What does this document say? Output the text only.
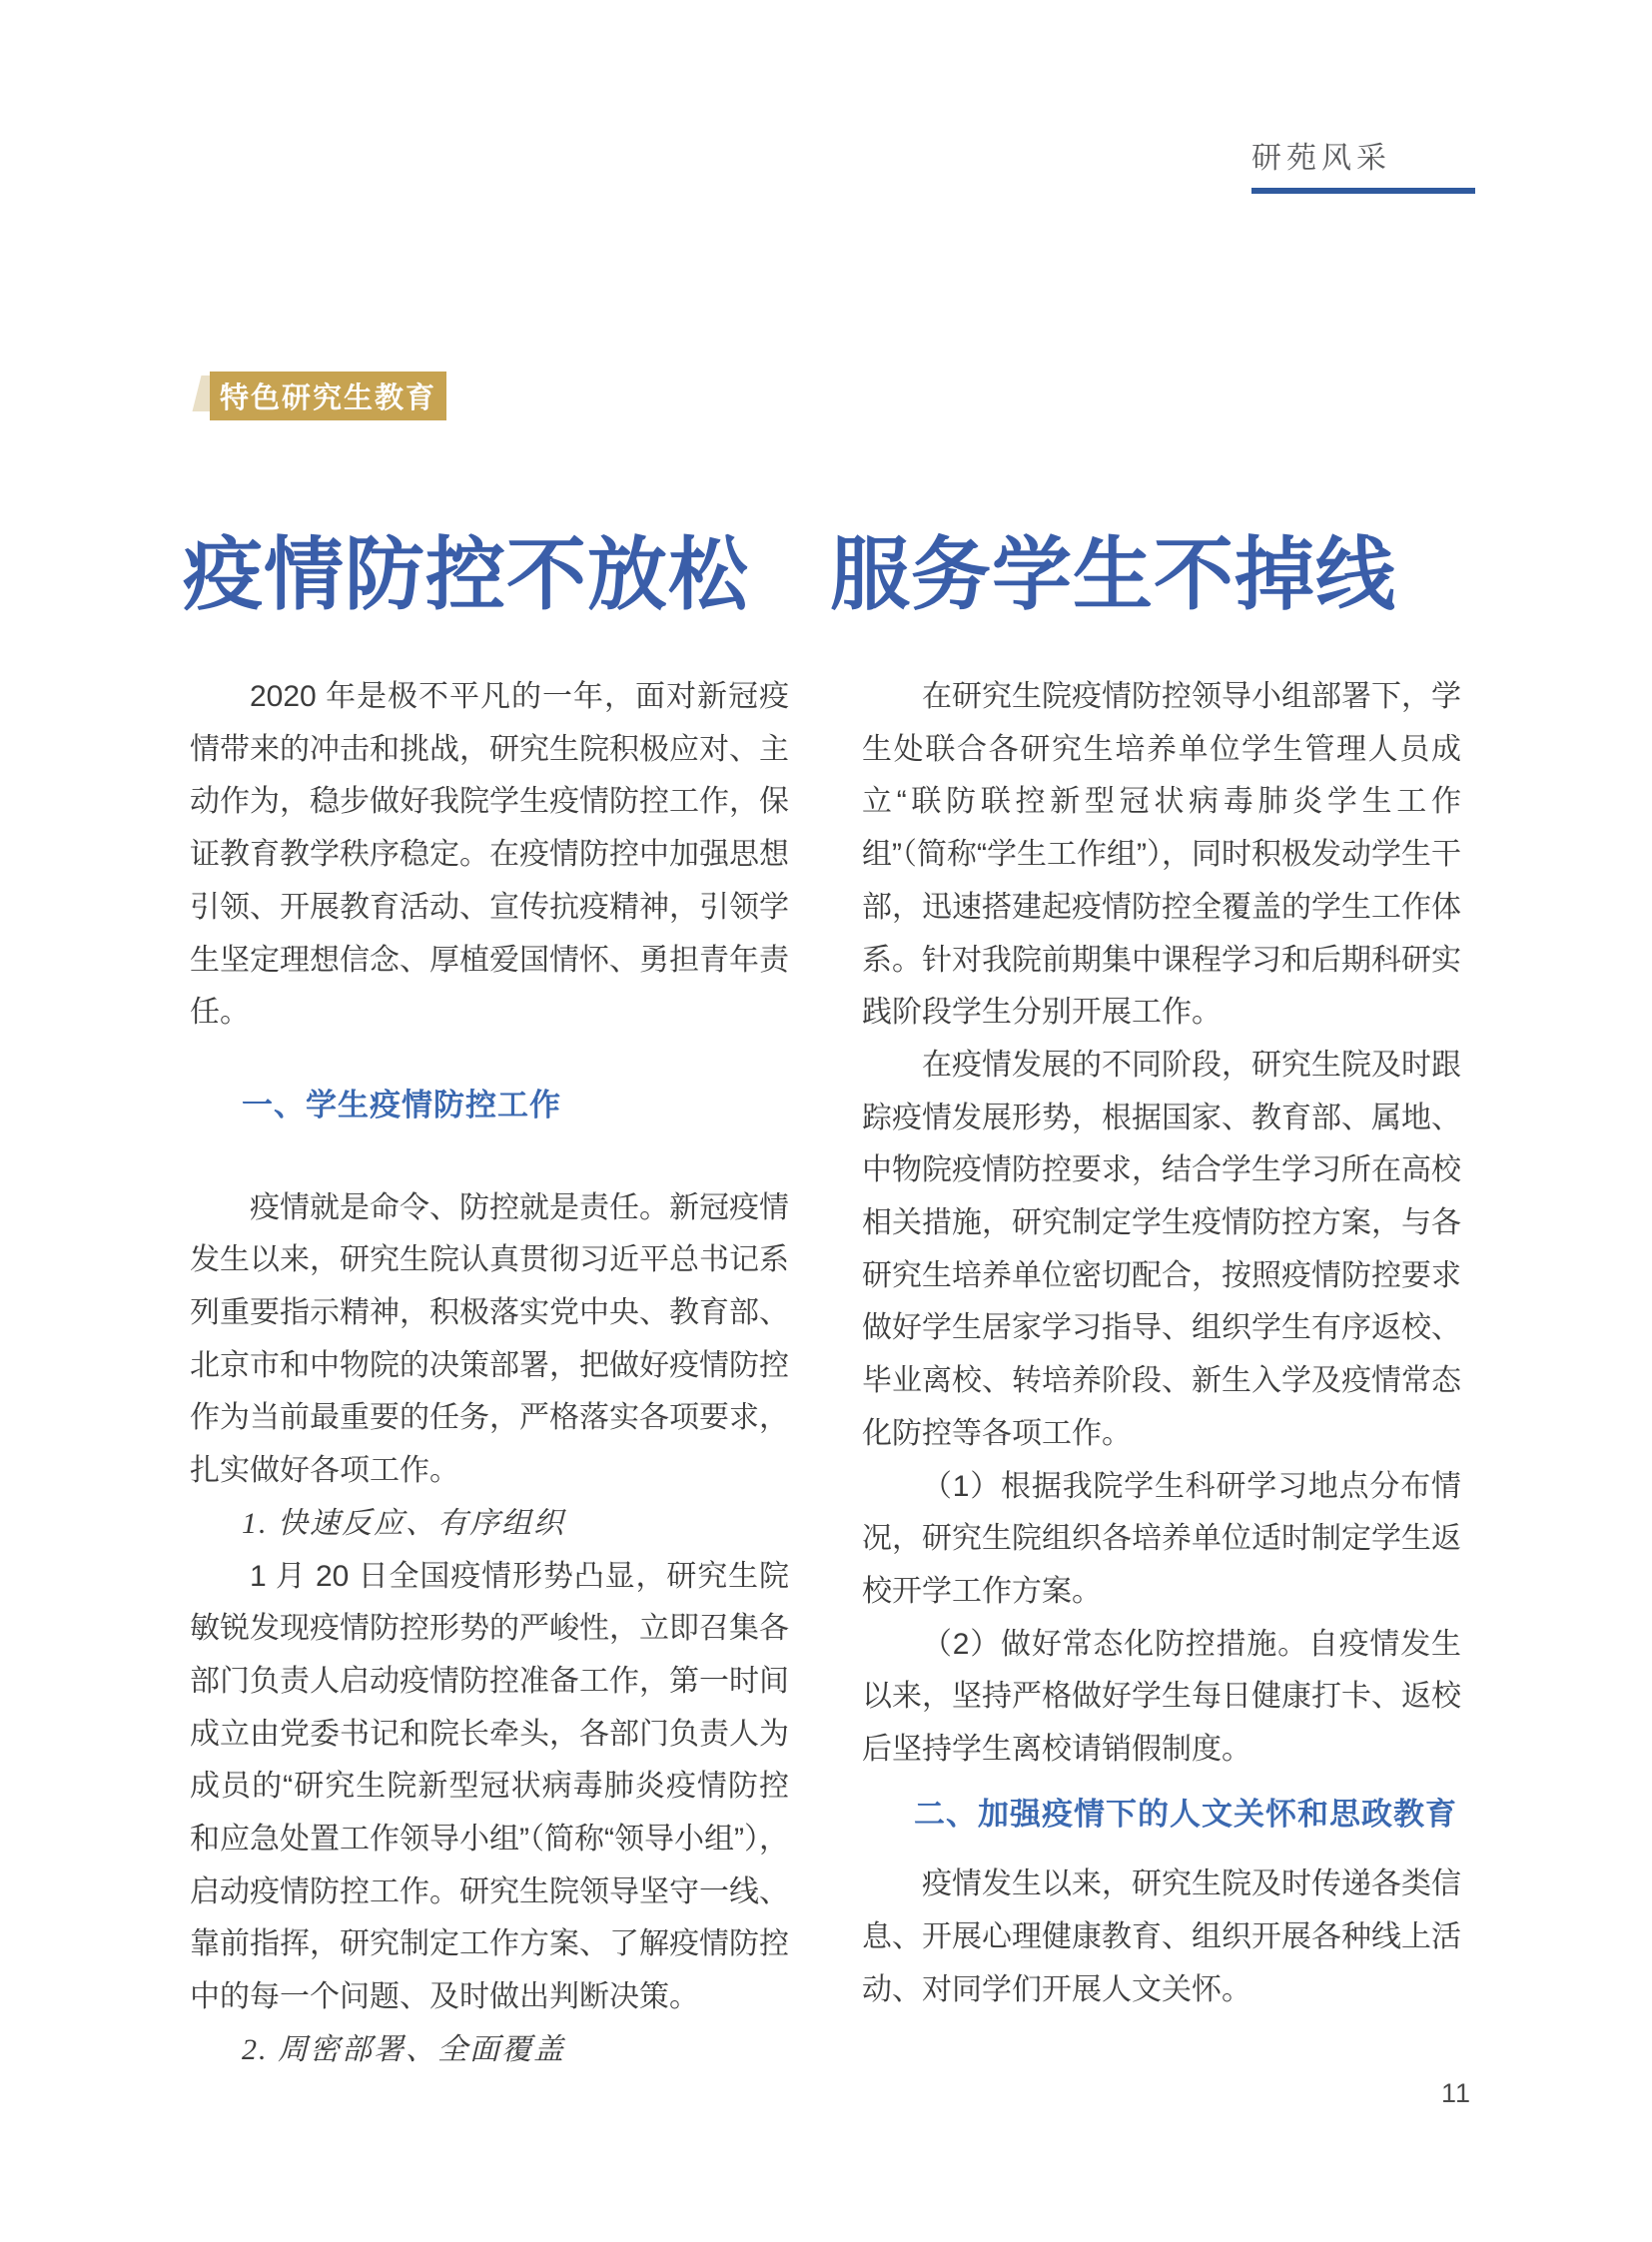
研苑风采
特色研究生教育
疫情防控不放松　服务学生不掉线

2020 年是极不平凡的一年，面对新冠疫情带来的冲击和挑战，研究生院积极应对、主动作为，稳步做好我院学生疫情防控工作，保证教育教学秩序稳定。在疫情防控中加强思想引领、开展教育活动、宣传抗疫精神，引领学生坚定理想信念、厚植爱国情怀、勇担青年责任。

一、学生疫情防控工作

疫情就是命令、防控就是责任。新冠疫情发生以来，研究生院认真贯彻习近平总书记系列重要指示精神，积极落实党中央、教育部、北京市和中物院的决策部署，把做好疫情防控作为当前最重要的任务，严格落实各项要求，扎实做好各项工作。

1. 快速反应、有序组织

1 月 20 日全国疫情形势凸显，研究生院敏锐发现疫情防控形势的严峻性，立即召集各部门负责人启动疫情防控准备工作，第一时间成立由党委书记和院长牵头，各部门负责人为成员的“研究生院新型冠状病毒肺炎疫情防控和应急处置工作领导小组”（简称“领导小组”），启动疫情防控工作。研究生院领导坚守一线、靠前指挥，研究制定工作方案、了解疫情防控中的每一个问题、及时做出判断决策。

2. 周密部署、全面覆盖

在研究生院疫情防控领导小组部署下，学生处联合各研究生培养单位学生管理人员成立“联防联控新型冠状病毒肺炎学生工作组”（简称“学生工作组”），同时积极发动学生干部，迅速搭建起疫情防控全覆盖的学生工作体系。针对我院前期集中课程学习和后期科研实践阶段学生分别开展工作。

在疫情发展的不同阶段，研究生院及时跟踪疫情发展形势，根据国家、教育部、属地、中物院疫情防控要求，结合学生学习所在高校相关措施，研究制定学生疫情防控方案，与各研究生培养单位密切配合，按照疫情防控要求做好学生居家学习指导、组织学生有序返校、毕业离校、转培养阶段、新生入学及疫情常态化防控等各项工作。

（1）根据我院学生科研学习地点分布情况，研究生院组织各培养单位适时制定学生返校开学工作方案。

（2）做好常态化防控措施。自疫情发生以来，坚持严格做好学生每日健康打卡、返校后坚持学生离校请销假制度。

二、加强疫情下的人文关怀和思政教育

疫情发生以来，研究生院及时传递各类信息、开展心理健康教育、组织开展各种线上活动、对同学们开展人文关怀。

11
